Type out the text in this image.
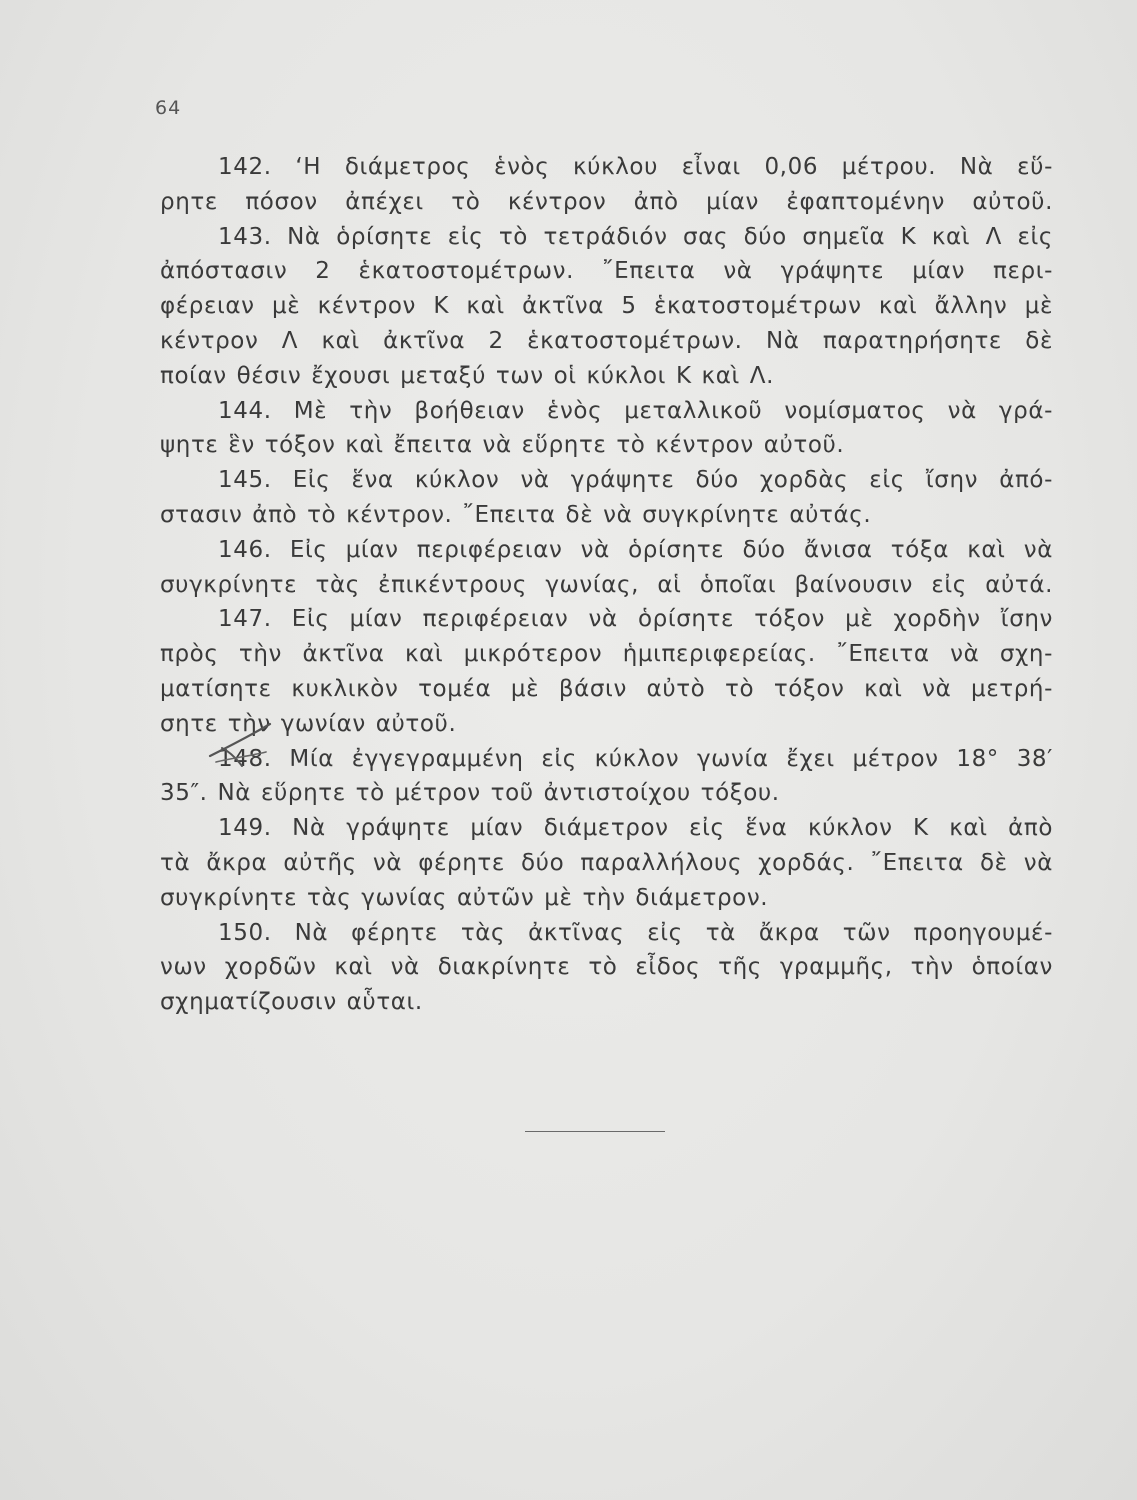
64
142. ‘Η διάμετρος ἑνὸς κύκλου εἶναι 0,06 μέτρου. Νὰ εὕ-
ρητε πόσον ἀπέχει τὸ κέντρον ἀπὸ μίαν ἐφαπτομένην αὐτοῦ.
143. Νὰ ὁρίσητε εἰς τὸ τετράδιόν σας δύο σημεῖα Κ καὶ Λ εἰς
ἀπόστασιν 2 ἑκατοστομέτρων. ῎Επειτα νὰ γράψητε μίαν περι-
φέρειαν μὲ κέντρον Κ καὶ ἀκτῖνα 5 ἑκατοστομέτρων καὶ ἄλλην μὲ
κέντρον Λ καὶ ἀκτῖνα 2 ἑκατοστομέτρων. Νὰ παρατηρήσητε δὲ
ποίαν θέσιν ἔχουσι μεταξύ των οἱ κύκλοι Κ καὶ Λ.
144. Μὲ τὴν βοήθειαν ἑνὸς μεταλλικοῦ νομίσματος νὰ γρά-
ψητε ἓν τόξον καὶ ἔπειτα νὰ εὕρητε τὸ κέντρον αὐτοῦ.
145. Εἰς ἕνα κύκλον νὰ γράψητε δύο χορδὰς εἰς ἴσην ἀπό-
στασιν ἀπὸ τὸ κέντρον. ῎Επειτα δὲ νὰ συγκρίνητε αὐτάς.
146. Εἰς μίαν περιφέρειαν νὰ ὁρίσητε δύο ἄνισα τόξα καὶ νὰ
συγκρίνητε τὰς ἐπικέντρους γωνίας, αἱ ὁποῖαι βαίνουσιν εἰς αὐτά.
147. Εἰς μίαν περιφέρειαν νὰ ὁρίσητε τόξον μὲ χορδὴν ἴσην
πρὸς τὴν ἀκτῖνα καὶ μικρότερον ἡμιπεριφερείας. ῎Επειτα νὰ σχη-
ματίσητε κυκλικὸν τομέα μὲ βάσιν αὐτὸ τὸ τόξον καὶ νὰ μετρή-
σητε τὴν γωνίαν αὐτοῦ.
148. Μία ἐγγεγραμμένη εἰς κύκλον γωνία ἔχει μέτρον 18° 38′
35″. Νὰ εὕρητε τὸ μέτρον τοῦ ἀντιστοίχου τόξου.
149. Νὰ γράψητε μίαν διάμετρον εἰς ἕνα κύκλον Κ καὶ ἀπὸ
τὰ ἄκρα αὐτῆς νὰ φέρητε δύο παραλλήλους χορδάς. ῎Επειτα δὲ νὰ
συγκρίνητε τὰς γωνίας αὐτῶν μὲ τὴν διάμετρον.
150. Νὰ φέρητε τὰς ἀκτῖνας εἰς τὰ ἄκρα τῶν προηγουμέ-
νων χορδῶν καὶ νὰ διακρίνητε τὸ εἶδος τῆς γραμμῆς, τὴν ὁποίαν
σχηματίζουσιν αὗται.
